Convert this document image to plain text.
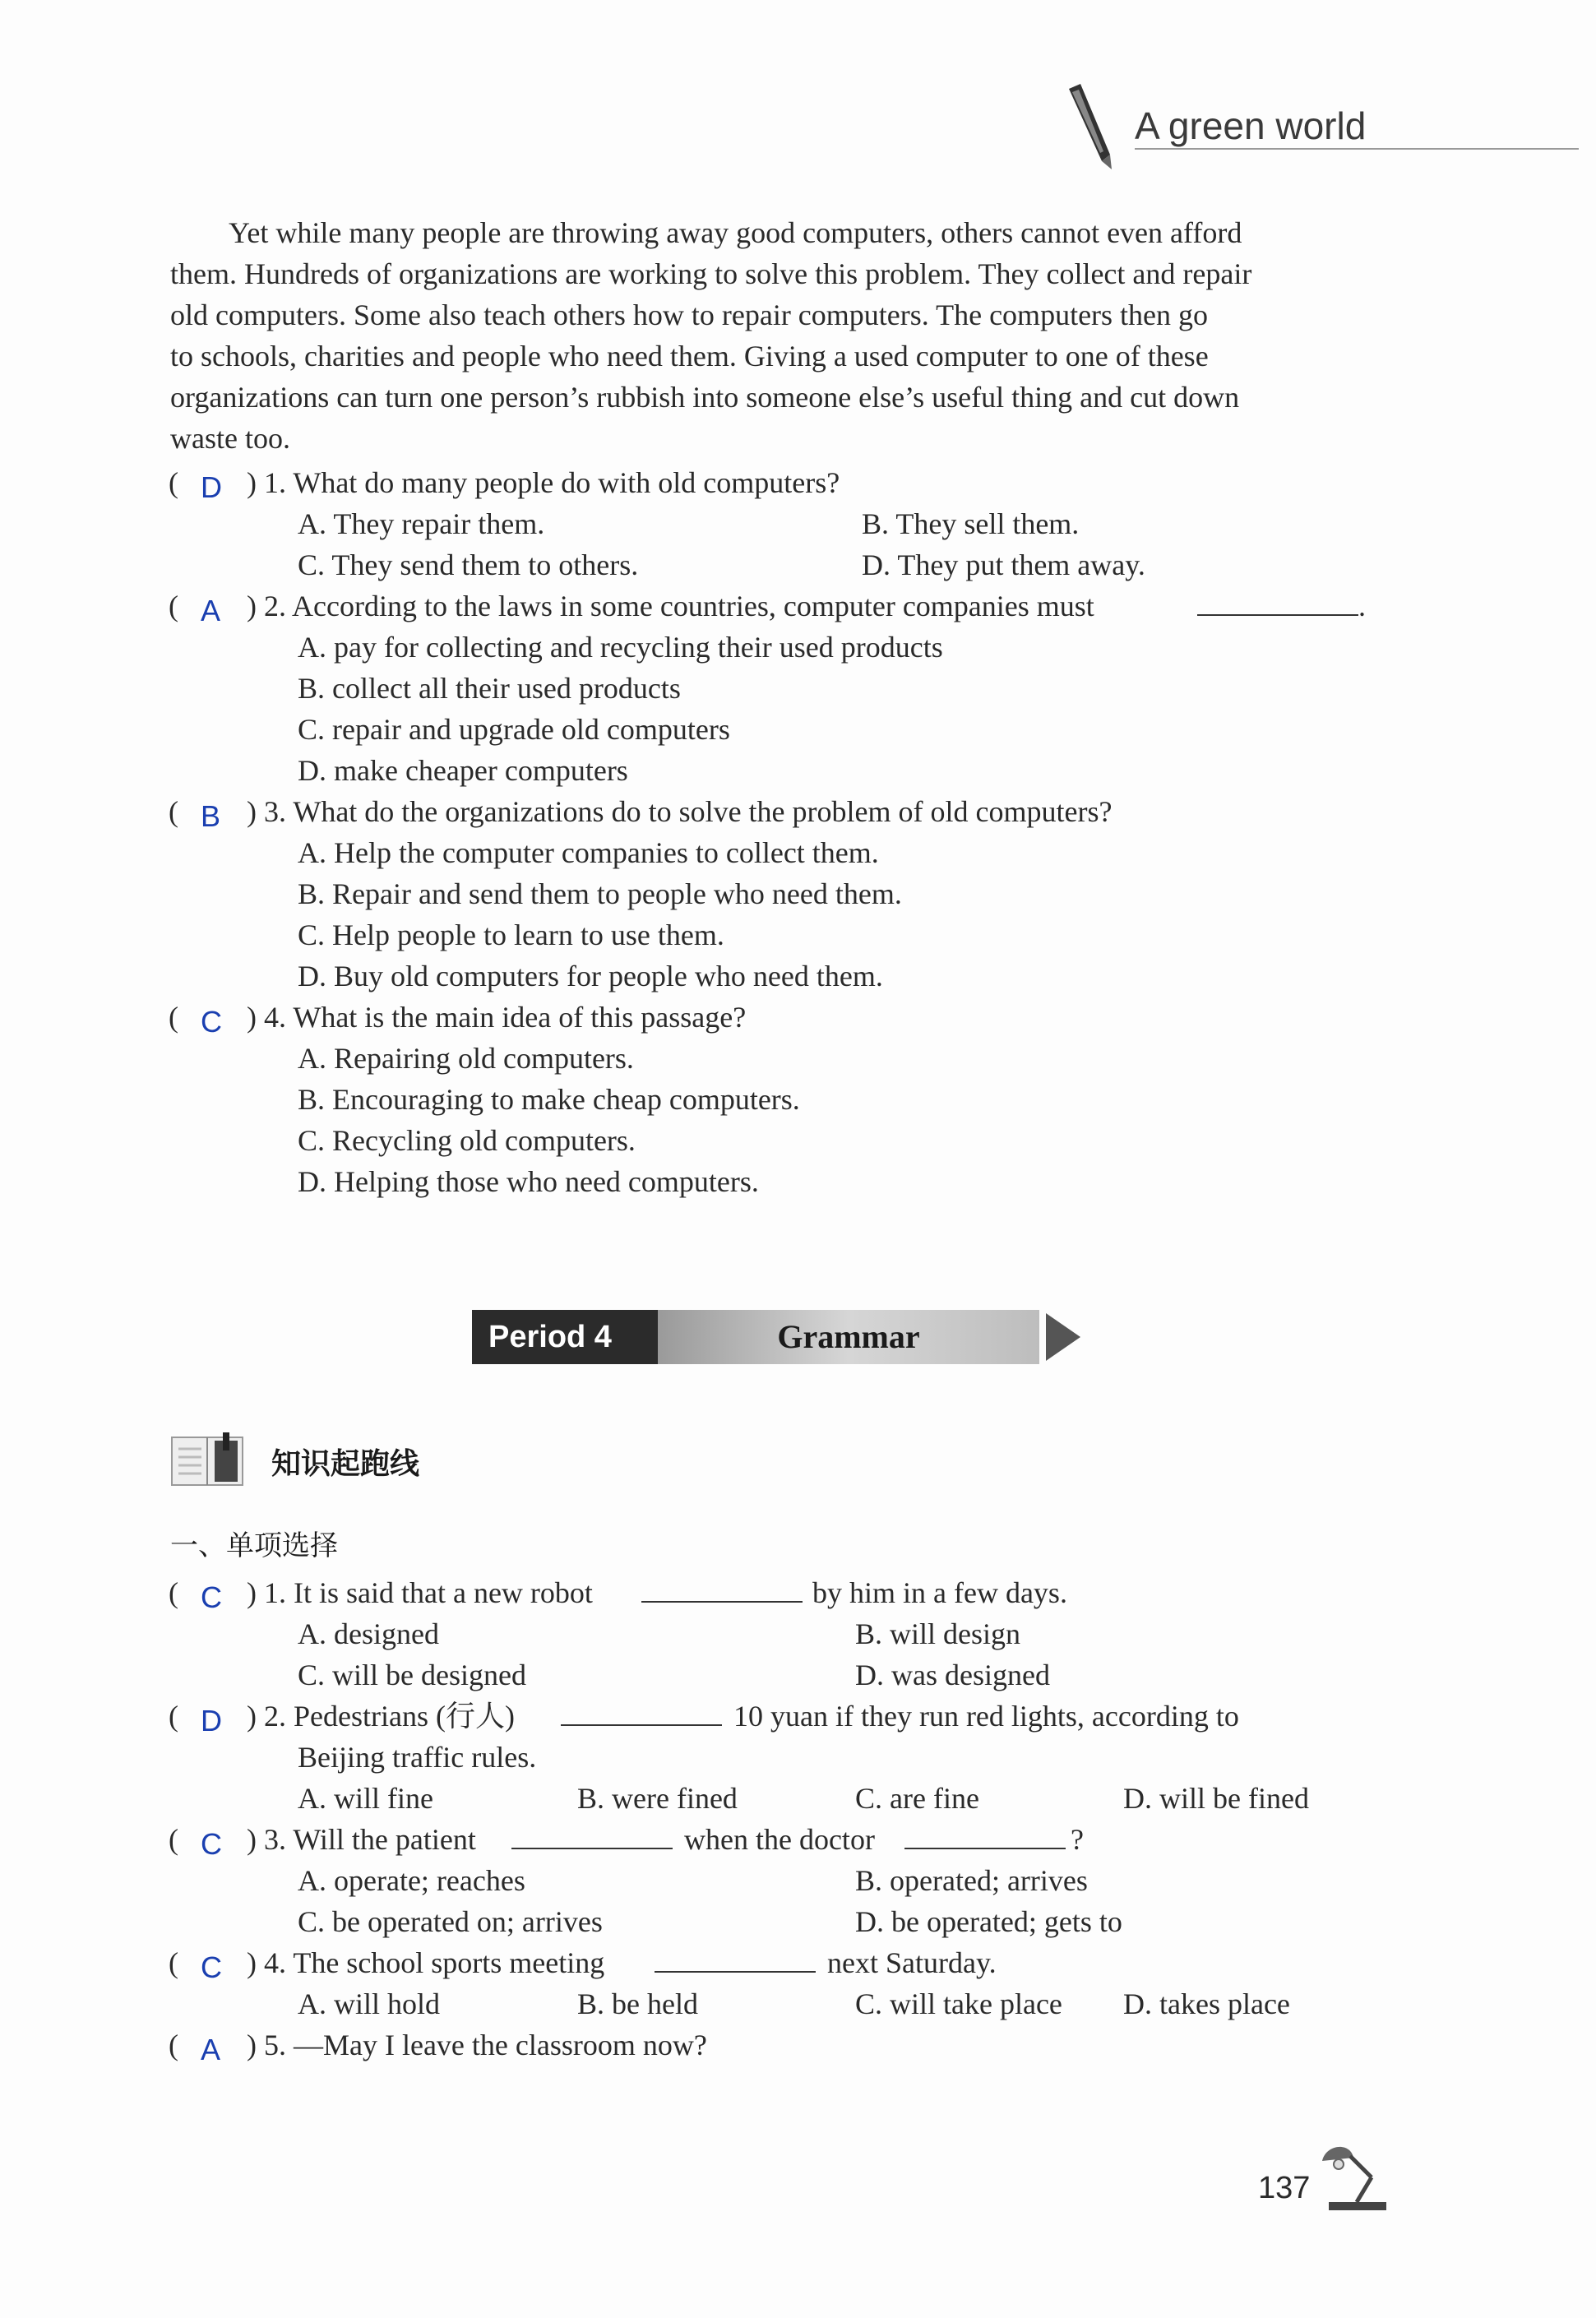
A green world
Yet while many people are throwing away good computers, others cannot even afford
them. Hundreds of organizations are working to solve this problem. They collect and repair
old computers. Some also teach others how to repair computers. The computers then go
to schools, charities and people who need them. Giving a used computer to one of these
organizations can turn one person’s rubbish into someone else’s useful thing and cut down
waste too.
( D ) 1. What do many people do with old computers?
A. They repair them.	B. They sell them.
C. They send them to others.	D. They put them away.
( A ) 2. According to the laws in some countries, computer companies must	.
A. pay for collecting and recycling their used products
B. collect all their used products
C. repair and upgrade old computers
D. make cheaper computers
( B ) 3. What do the organizations do to solve the problem of old computers?
A. Help the computer companies to collect them.
B. Repair and send them to people who need them.
C. Help people to learn to use them.
D. Buy old computers for people who need them.
( C ) 4. What is the main idea of this passage?
A. Repairing old computers.
B. Encouraging to make cheap computers.
C. Recycling old computers.
D. Helping those who need computers.
Period 4	Grammar
知识起跑线
一、单项选择
( C ) 1. It is said that a new robot	by him in a few days.
A. designed	B. will design
C. will be designed	D. was designed
( D ) 2. Pedestrians (行人)	10 yuan if they run red lights, according to
Beijing traffic rules.
A. will fine	B. were fined	C. are fine	D. will be fined
( C ) 3. Will the patient	when the doctor	?
A. operate; reaches	B. operated; arrives
C. be operated on; arrives	D. be operated; gets to
( C ) 4. The school sports meeting	next Saturday.
A. will hold	B. be held	C. will take place D. takes place
( A ) 5. —May I leave the classroom now?
137
